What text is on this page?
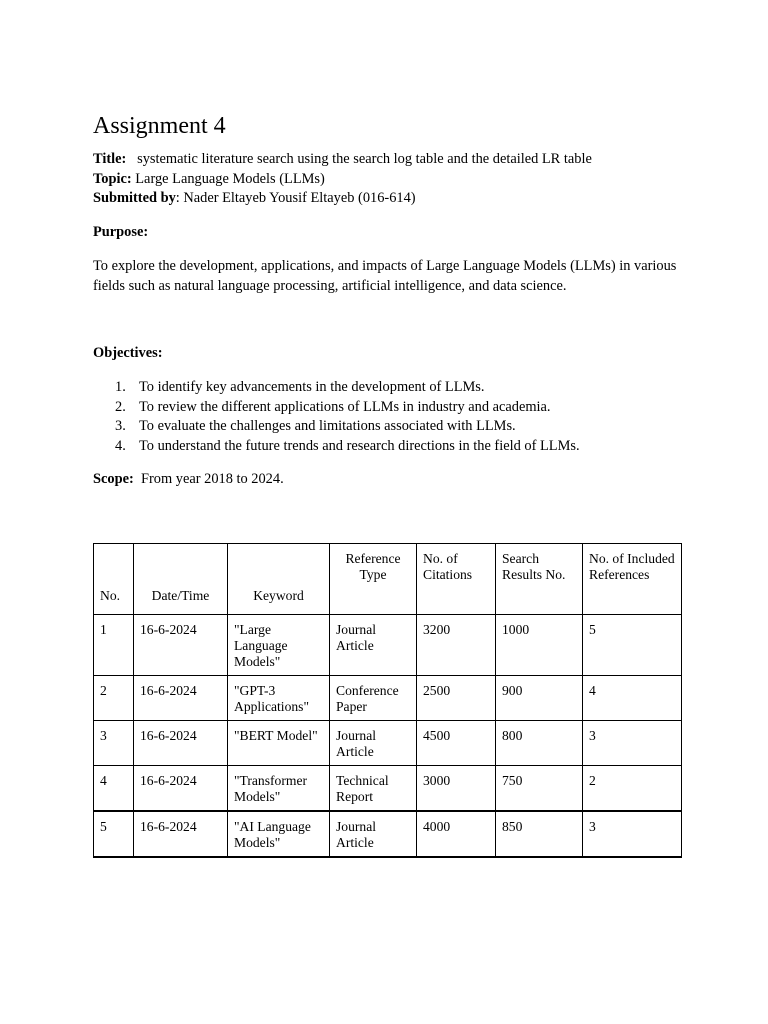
Assignment 4
Title: systematic literature search using the search log table and the detailed LR table
Topic: Large Language Models (LLMs)
Submitted by: Nader Eltayeb Yousif Eltayeb (016-614)
Purpose:
To explore the development, applications, and impacts of Large Language Models (LLMs) in various fields such as natural language processing, artificial intelligence, and data science.
Objectives:
1. To identify key advancements in the development of LLMs.
2. To review the different applications of LLMs in industry and academia.
3. To evaluate the challenges and limitations associated with LLMs.
4. To understand the future trends and research directions in the field of LLMs.
Scope: From year 2018 to 2024.
No.	Date/Time	Keyword	Reference Type	No. of Citations	Search Results No.	No. of Included References
1	16-6-2024	"Large Language Models"	Journal Article	3200	1000	5
2	16-6-2024	"GPT-3 Applications"	Conference Paper	2500	900	4
3	16-6-2024	"BERT Model"	Journal Article	4500	800	3
4	16-6-2024	"Transformer Models"	Technical Report	3000	750	2
5	16-6-2024	"AI Language Models"	Journal Article	4000	850	3
